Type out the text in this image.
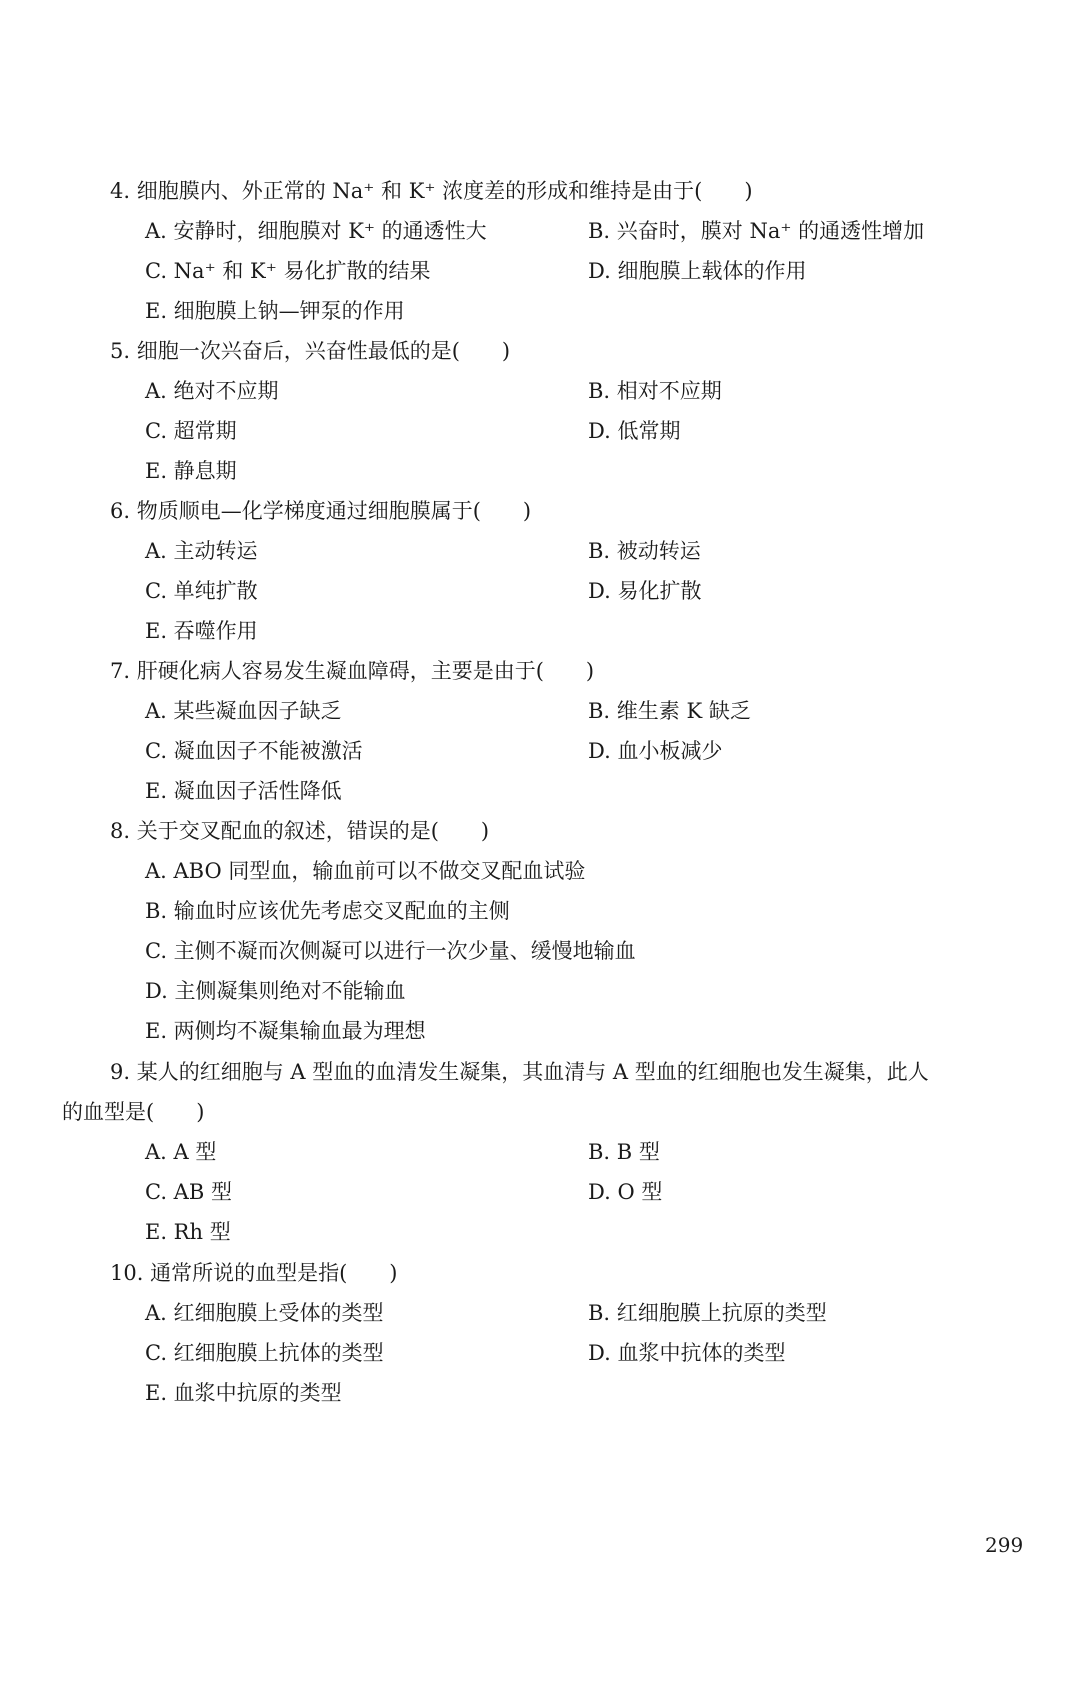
4. 细胞膜内、外正常的 Na⁺ 和 K⁺ 浓度差的形成和维持是由于(　　)
A. 安静时，细胞膜对 K⁺ 的通透性大	B. 兴奋时，膜对 Na⁺ 的通透性增加
C. Na⁺ 和 K⁺ 易化扩散的结果	D. 细胞膜上载体的作用
E. 细胞膜上钠—钾泵的作用
5. 细胞一次兴奋后，兴奋性最低的是(　　)
A. 绝对不应期	B. 相对不应期
C. 超常期	D. 低常期
E. 静息期
6. 物质顺电—化学梯度通过细胞膜属于(　　)
A. 主动转运	B. 被动转运
C. 单纯扩散	D. 易化扩散
E. 吞噬作用
7. 肝硬化病人容易发生凝血障碍，主要是由于(　　)
A. 某些凝血因子缺乏	B. 维生素 K 缺乏
C. 凝血因子不能被激活	D. 血小板减少
E. 凝血因子活性降低
8. 关于交叉配血的叙述，错误的是(　　)
A. ABO 同型血，输血前可以不做交叉配血试验
B. 输血时应该优先考虑交叉配血的主侧
C. 主侧不凝而次侧凝可以进行一次少量、缓慢地输血
D. 主侧凝集则绝对不能输血
E. 两侧均不凝集输血最为理想
9. 某人的红细胞与 A 型血的血清发生凝集，其血清与 A 型血的红细胞也发生凝集，此人
的血型是(　　)
A. A 型	B. B 型
C. AB 型	D. O 型
E. Rh 型
10. 通常所说的血型是指(　　)
A. 红细胞膜上受体的类型	B. 红细胞膜上抗原的类型
C. 红细胞膜上抗体的类型	D. 血浆中抗体的类型
E. 血浆中抗原的类型
299
